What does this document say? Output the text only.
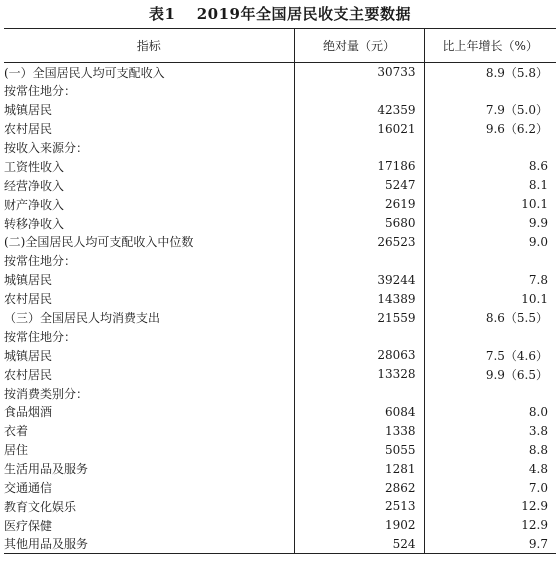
表1　 2019年全国居民收支主要数据
指标	绝对量（元）	比上年增长（%）
(一）全国居民人均可支配收入	30733	8.9（5.8）
按常住地分：		
城镇居民	42359	7.9（5.0）
农村居民	16021	9.6（6.2）
按收入来源分：		
工资性收入	17186	8.6
经营净收入	5247	8.1
财产净收入	2619	10.1
转移净收入	5680	9.9
(二)全国居民人均可支配收入中位数	26523	9.0
按常住地分：		
城镇居民	39244	7.8
农村居民	14389	10.1
（三）全国居民人均消费支出	21559	8.6（5.5）
按常住地分：		
城镇居民	28063	7.5（4.6）
农村居民	13328	9.9（6.5）
按消费类别分：		
食品烟酒	6084	8.0
衣着	1338	3.8
居住	5055	8.8
生活用品及服务	1281	4.8
交通通信	2862	7.0
教育文化娱乐	2513	12.9
医疗保健	1902	12.9
其他用品及服务	524	9.7
